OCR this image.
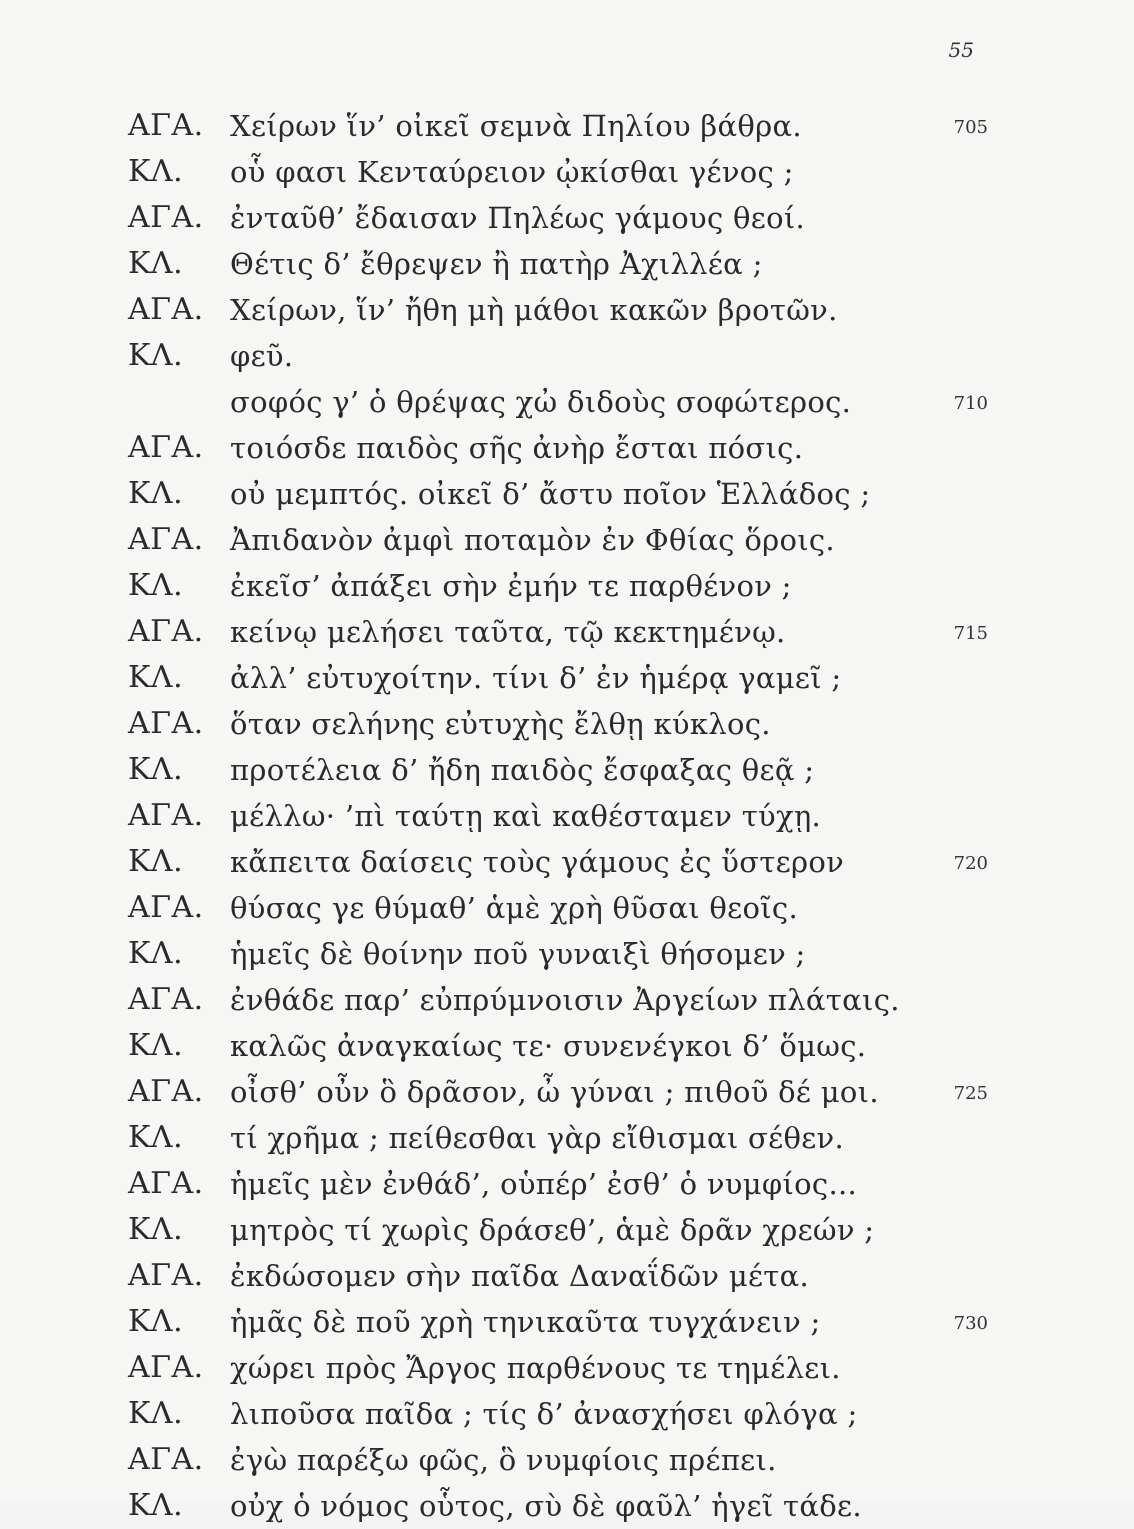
55
ΑΓΑ. Χείρων ἵν’ οἰκεῖ σεμνὰ Πηλίου βάθρα.	705
ΚΛ. οὗ φασι Κενταύρειον ᾠκίσθαι γένος ;
ΑΓΑ. ἐνταῦθ’ ἔδαισαν Πηλέως γάμους θεοί.
ΚΛ. Θέτις δ’ ἔθρεψεν ἢ πατὴρ Ἀχιλλέα ;
ΑΓΑ. Χείρων, ἵν’ ἤθη μὴ μάθοι κακῶν βροτῶν.
ΚΛ. φεῦ.
σοφός γ’ ὁ θρέψας χὠ διδοὺς σοφώτερος.	710
ΑΓΑ. τοιόσδε παιδὸς σῆς ἀνὴρ ἔσται πόσις.
ΚΛ. οὐ μεμπτός. οἰκεῖ δ’ ἄστυ ποῖον Ἑλλάδος ;
ΑΓΑ. Ἀπιδανὸν ἀμφὶ ποταμὸν ἐν Φθίας ὅροις.
ΚΛ. ἐκεῖσ’ ἀπάξει σὴν ἐμήν τε παρθένον ;
ΑΓΑ. κείνῳ μελήσει ταῦτα, τῷ κεκτημένῳ.	715
ΚΛ. ἀλλ’ εὐτυχοίτην. τίνι δ’ ἐν ἡμέρᾳ γαμεῖ ;
ΑΓΑ. ὅταν σελήνης εὐτυχὴς ἔλθῃ κύκλος.
ΚΛ. προτέλεια δ’ ἤδη παιδὸς ἔσφαξας θεᾷ ;
ΑΓΑ. μέλλω· ’πὶ ταύτῃ καὶ καθέσταμεν τύχῃ.
ΚΛ. κἄπειτα δαίσεις τοὺς γάμους ἐς ὕστερον	720
ΑΓΑ. θύσας γε θύμαθ’ ἁμὲ χρὴ θῦσαι θεοῖς.
ΚΛ. ἡμεῖς δὲ θοίνην ποῦ γυναιξὶ θήσομεν ;
ΑΓΑ. ἐνθάδε παρ’ εὐπρύμνοισιν Ἀργείων πλάταις.
ΚΛ. καλῶς ἀναγκαίως τε· συνενέγκοι δ’ ὅμως.
ΑΓΑ. οἶσθ’ οὖν ὃ δρᾶσον, ὦ γύναι ; πιθοῦ δέ μοι.	725
ΚΛ. τί χρῆμα ; πείθεσθαι γὰρ εἴθισμαι σέθεν.
ΑΓΑ. ἡμεῖς μὲν ἐνθάδ’, οὑπέρ’ ἐσθ’ ὁ νυμφίος...
ΚΛ. μητρὸς τί χωρὶς δράσεθ’, ἁμὲ δρᾶν χρεών ;
ΑΓΑ. ἐκδώσομεν σὴν παῖδα Δαναΐδῶν μέτα.
ΚΛ. ἡμᾶς δὲ ποῦ χρὴ τηνικαῦτα τυγχάνειν ;	730
ΑΓΑ. χώρει πρὸς Ἄργος παρθένους τε τημέλει.
ΚΛ. λιποῦσα παῖδα ; τίς δ’ ἀνασχήσει φλόγα ;
ΑΓΑ. ἐγὼ παρέξω φῶς, ὃ νυμφίοις πρέπει.
ΚΛ. οὐχ ὁ νόμος οὗτος, σὺ δὲ φαῦλ’ ἡγεῖ τάδε.
